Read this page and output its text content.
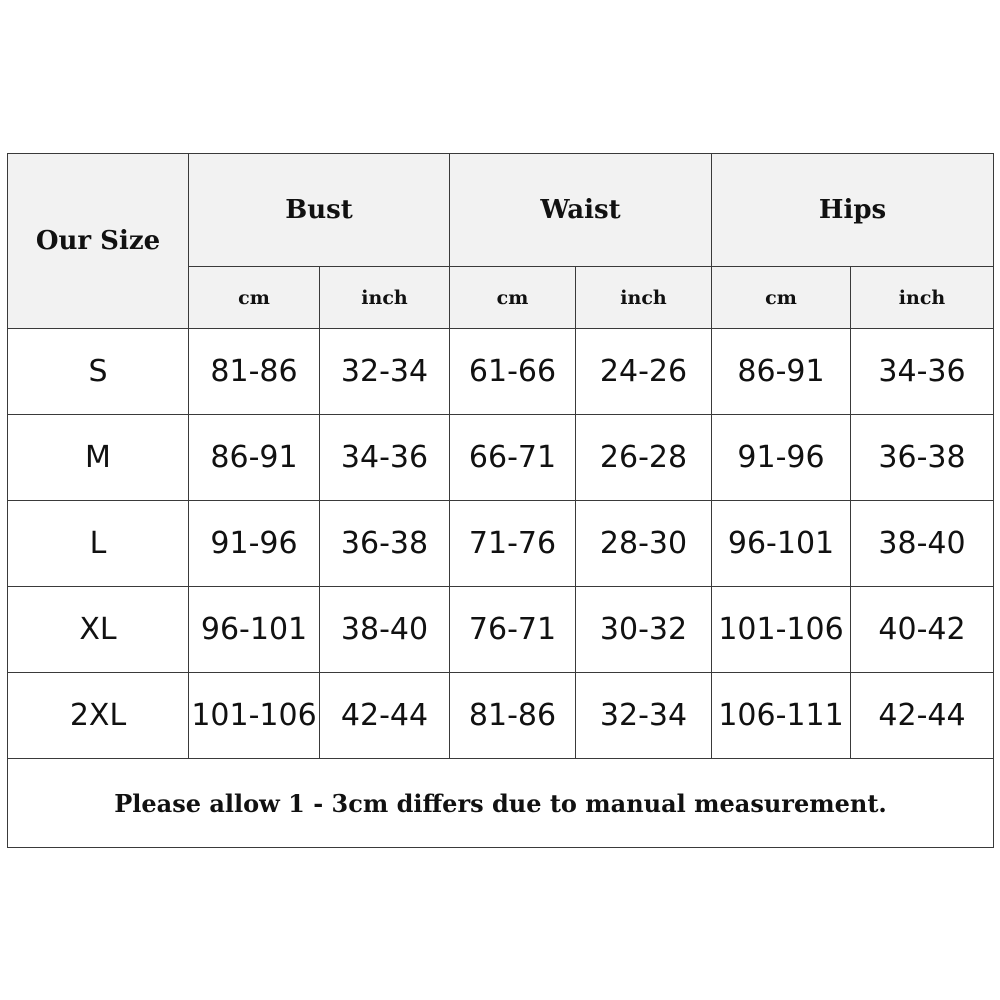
Our Size	Bust		Waist		Hips	
	cm	inch	cm	inch	cm	inch
S	81-86	32-34	61-66	24-26	86-91	34-36
M	86-91	34-36	66-71	26-28	91-96	36-38
L	91-96	36-38	71-76	28-30	96-101	38-40
XL	96-101	38-40	76-71	30-32	101-106	40-42
2XL	101-106	42-44	81-86	32-34	106-111	42-44
Please allow 1 - 3cm differs due to manual measurement.						
